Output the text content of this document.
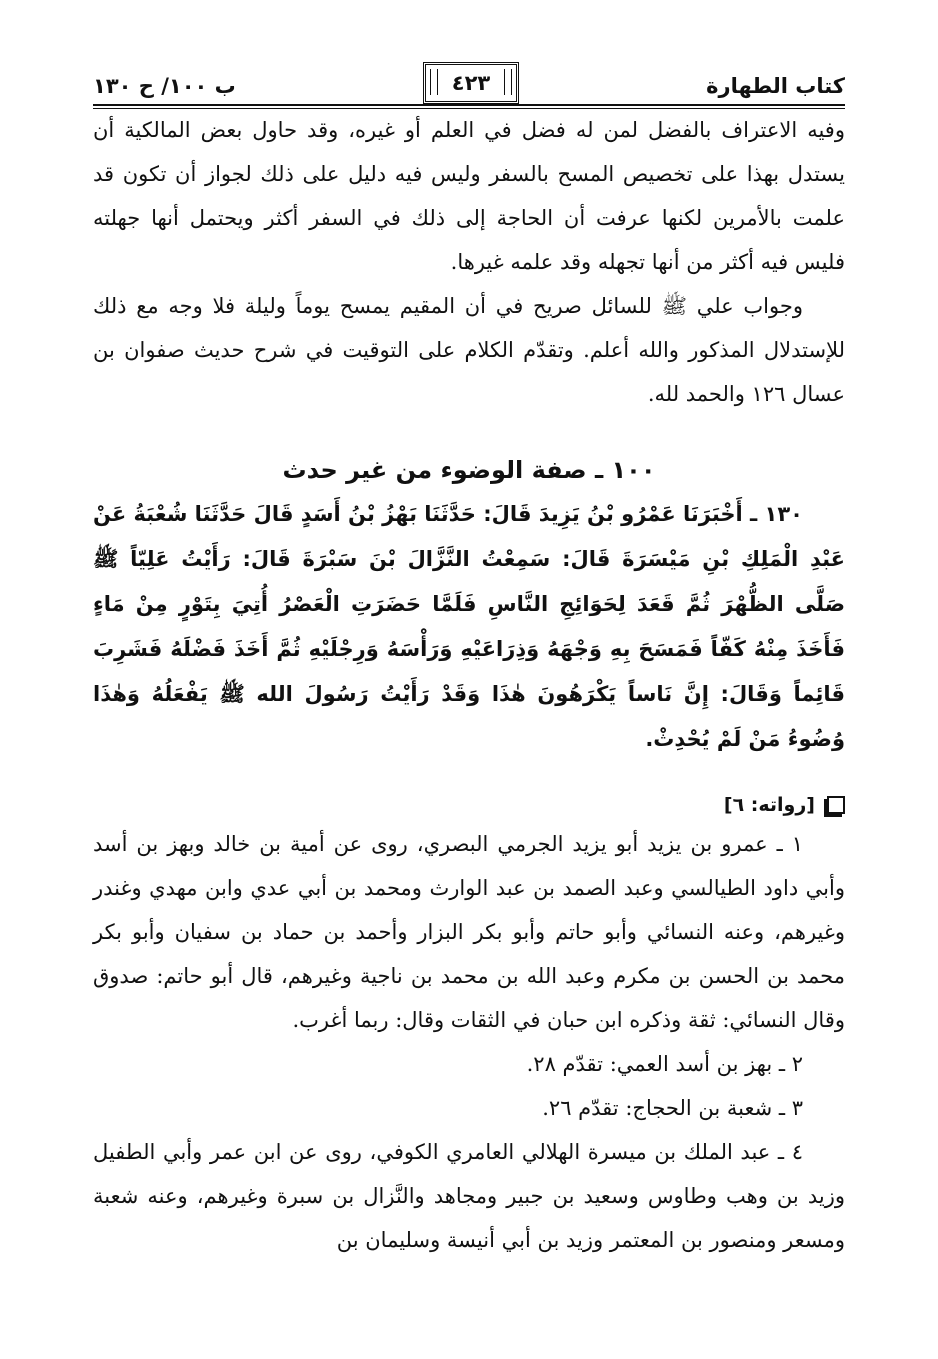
كتاب الطهارة
٤٢٣
ب ١٠٠/ ح ١٣٠

وفيه الاعتراف بالفضل لمن له فضل في العلم أو غيره، وقد حاول بعض المالكية أن يستدل بهذا على تخصيص المسح بالسفر وليس فيه دليل على ذلك لجواز أن تكون قد علمت بالأمرين لكنها عرفت أن الحاجة إلى ذلك في السفر أكثر ويحتمل أنها جهلته فليس فيه أكثر من أنها تجهله وقد علمه غيرها.

وجواب علي ﷺ للسائل صريح في أن المقيم يمسح يوماً وليلة فلا وجه مع ذلك للإستدلال المذكور والله أعلم. وتقدّم الكلام على التوقيت في شرح حديث صفوان بن عسال ١٢٦ والحمد لله.

١٠٠ ـ صفة الوضوء من غير حدث

١٣٠ ـ أَخْبَرَنَا عَمْرُو بْنُ يَزِيدَ قَالَ: حَدَّثَنَا بَهْزُ بْنُ أَسَدٍ قَالَ حَدَّثَنَا شُعْبَةُ عَنْ عَبْدِ الْمَلِكِ بْنِ مَيْسَرَةَ قَالَ: سَمِعْتُ النَّزَّالَ بْنَ سَبْرَةَ قَالَ: رَأَيْتُ عَلِيّاً ﷺ صَلَّى الظُّهْرَ ثُمَّ قَعَدَ لِحَوَائِجِ النَّاسِ فَلَمَّا حَضَرَتِ الْعَصْرُ أُتِيَ بِتَوْرٍ مِنْ مَاءٍ فَأَخَذَ مِنْهُ كَفّاً فَمَسَحَ بِهِ وَجْهَهُ وَذِرَاعَيْهِ وَرَأْسَهُ وَرِجْلَيْهِ ثُمَّ أَخَذَ فَضْلَهُ فَشَرِبَ قَائِماً وَقَالَ: إِنَّ نَاساً يَكْرَهُونَ هٰذَا وَقَدْ رَأَيْتُ رَسُولَ الله ﷺ يَفْعَلُهُ وَهٰذَا وُضُوءُ مَنْ لَمْ يُحْدِثْ.

[رواته: ٦]

١ ـ عمرو بن يزيد أبو يزيد الجرمي البصري، روى عن أمية بن خالد وبهز بن أسد وأبي داود الطيالسي وعبد الصمد بن عبد الوارث ومحمد بن أبي عدي وابن مهدي وغندر وغيرهم، وعنه النسائي وأبو حاتم وأبو بكر البزار وأحمد بن حماد بن سفيان وأبو بكر محمد بن الحسن بن مكرم وعبد الله بن محمد بن ناجية وغيرهم، قال أبو حاتم: صدوق وقال النسائي: ثقة وذكره ابن حبان في الثقات وقال: ربما أغرب.

٢ ـ بهز بن أسد العمي: تقدّم ٢٨.

٣ ـ شعبة بن الحجاج: تقدّم ٢٦.

٤ ـ عبد الملك بن ميسرة الهلالي العامري الكوفي، روى عن ابن عمر وأبي الطفيل وزيد بن وهب وطاوس وسعيد بن جبير ومجاهد والنَّزال بن سبرة وغيرهم، وعنه شعبة ومسعر ومنصور بن المعتمر وزيد بن أبي أنيسة وسليمان بن
